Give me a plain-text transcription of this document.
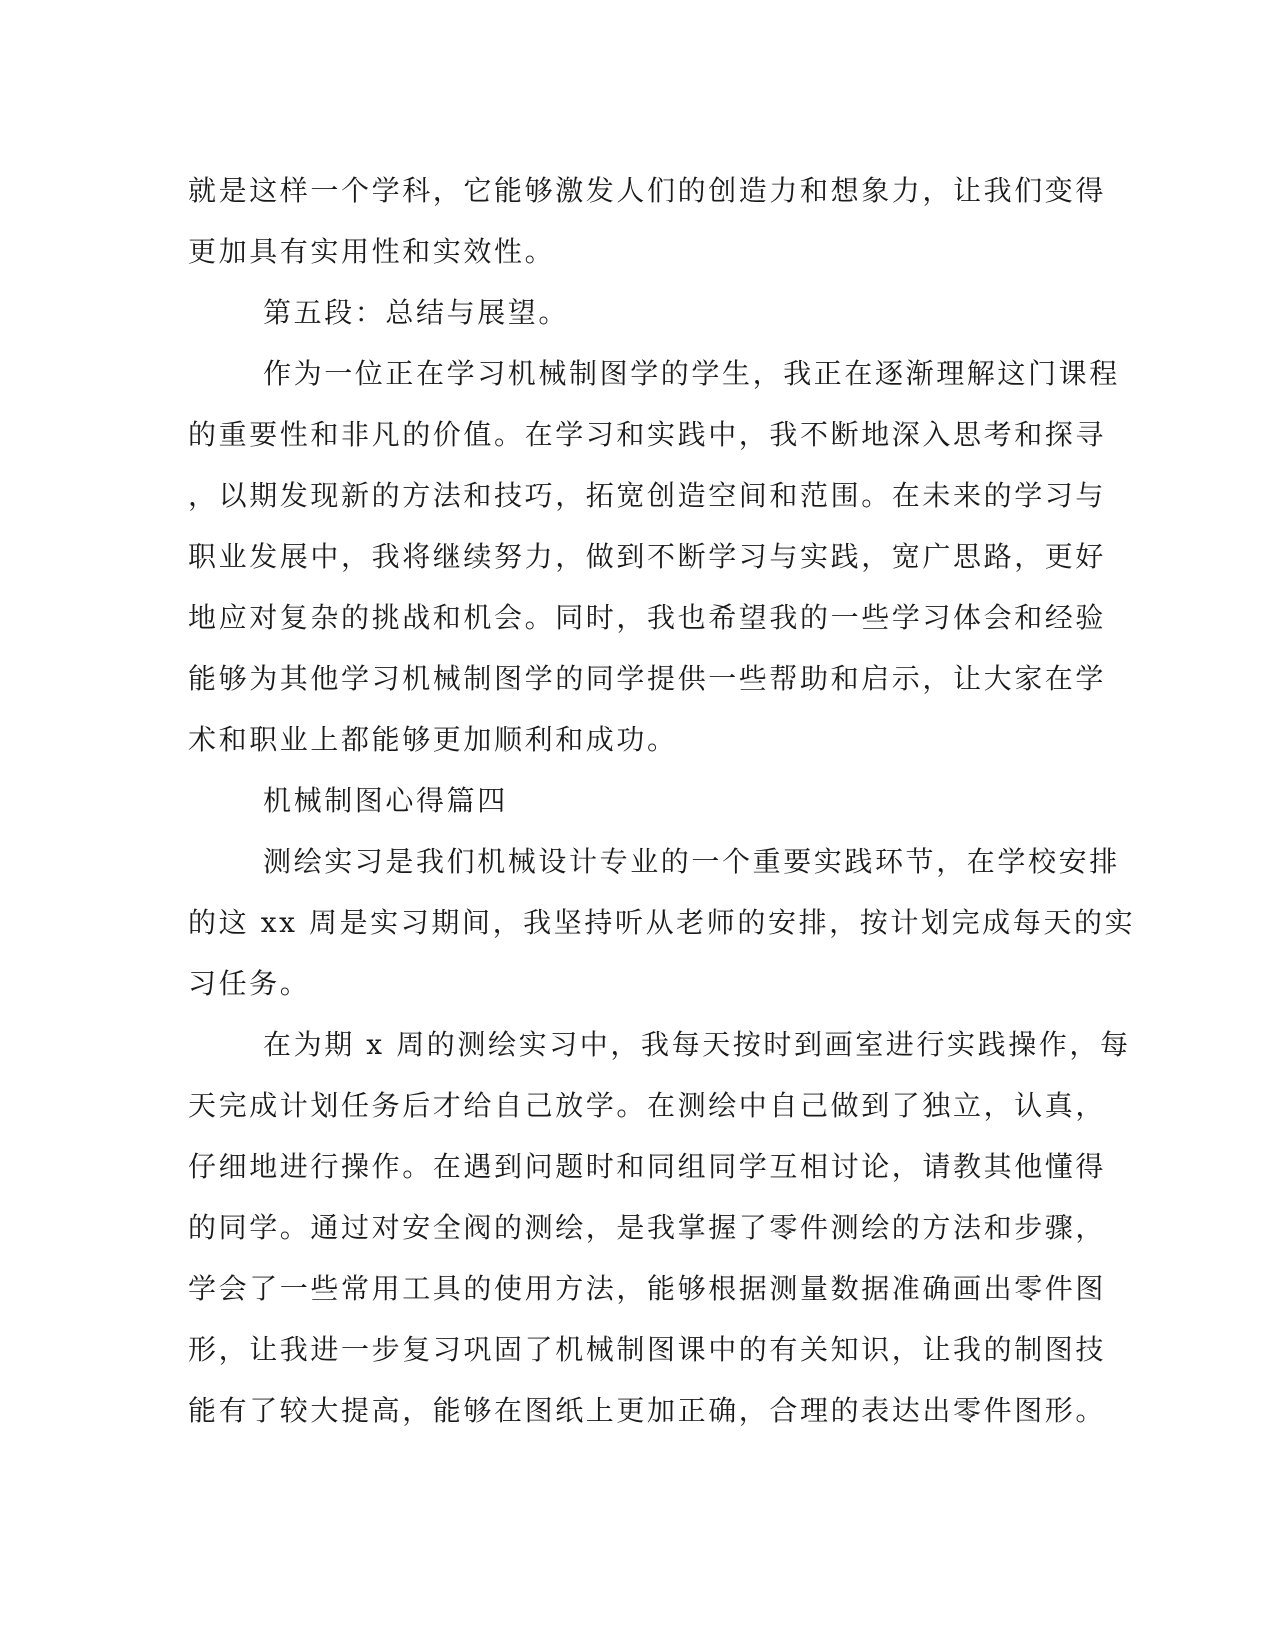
就是这样一个学科，它能够激发人们的创造力和想象力，让我们变得
更加具有实用性和实效性。
第五段：总结与展望。
作为一位正在学习机械制图学的学生，我正在逐渐理解这门课程
的重要性和非凡的价值。在学习和实践中，我不断地深入思考和探寻
，以期发现新的方法和技巧，拓宽创造空间和范围。在未来的学习与
职业发展中，我将继续努力，做到不断学习与实践，宽广思路，更好
地应对复杂的挑战和机会。同时，我也希望我的一些学习体会和经验
能够为其他学习机械制图学的同学提供一些帮助和启示，让大家在学
术和职业上都能够更加顺利和成功。
机械制图心得篇四
测绘实习是我们机械设计专业的一个重要实践环节，在学校安排
的这 xx 周是实习期间，我坚持听从老师的安排，按计划完成每天的实
习任务。
在为期 x 周的测绘实习中，我每天按时到画室进行实践操作，每
天完成计划任务后才给自己放学。在测绘中自己做到了独立，认真，
仔细地进行操作。在遇到问题时和同组同学互相讨论，请教其他懂得
的同学。通过对安全阀的测绘，是我掌握了零件测绘的方法和步骤，
学会了一些常用工具的使用方法，能够根据测量数据准确画出零件图
形，让我进一步复习巩固了机械制图课中的有关知识，让我的制图技
能有了较大提高，能够在图纸上更加正确，合理的表达出零件图形。
